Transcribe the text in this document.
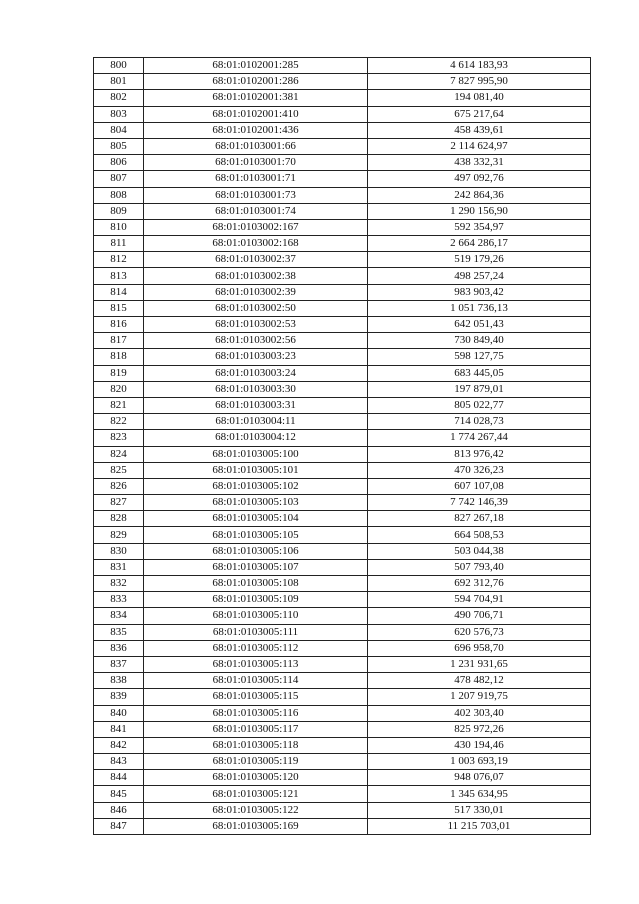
800	68:01:0102001:285	4 614 183,93
801	68:01:0102001:286	7 827 995,90
802	68:01:0102001:381	194 081,40
803	68:01:0102001:410	675 217,64
804	68:01:0102001:436	458 439,61
805	68:01:0103001:66	2 114 624,97
806	68:01:0103001:70	438 332,31
807	68:01:0103001:71	497 092,76
808	68:01:0103001:73	242 864,36
809	68:01:0103001:74	1 290 156,90
810	68:01:0103002:167	592 354,97
811	68:01:0103002:168	2 664 286,17
812	68:01:0103002:37	519 179,26
813	68:01:0103002:38	498 257,24
814	68:01:0103002:39	983 903,42
815	68:01:0103002:50	1 051 736,13
816	68:01:0103002:53	642 051,43
817	68:01:0103002:56	730 849,40
818	68:01:0103003:23	598 127,75
819	68:01:0103003:24	683 445,05
820	68:01:0103003:30	197 879,01
821	68:01:0103003:31	805 022,77
822	68:01:0103004:11	714 028,73
823	68:01:0103004:12	1 774 267,44
824	68:01:0103005:100	813 976,42
825	68:01:0103005:101	470 326,23
826	68:01:0103005:102	607 107,08
827	68:01:0103005:103	7 742 146,39
828	68:01:0103005:104	827 267,18
829	68:01:0103005:105	664 508,53
830	68:01:0103005:106	503 044,38
831	68:01:0103005:107	507 793,40
832	68:01:0103005:108	692 312,76
833	68:01:0103005:109	594 704,91
834	68:01:0103005:110	490 706,71
835	68:01:0103005:111	620 576,73
836	68:01:0103005:112	696 958,70
837	68:01:0103005:113	1 231 931,65
838	68:01:0103005:114	478 482,12
839	68:01:0103005:115	1 207 919,75
840	68:01:0103005:116	402 303,40
841	68:01:0103005:117	825 972,26
842	68:01:0103005:118	430 194,46
843	68:01:0103005:119	1 003 693,19
844	68:01:0103005:120	948 076,07
845	68:01:0103005:121	1 345 634,95
846	68:01:0103005:122	517 330,01
847	68:01:0103005:169	11 215 703,01
